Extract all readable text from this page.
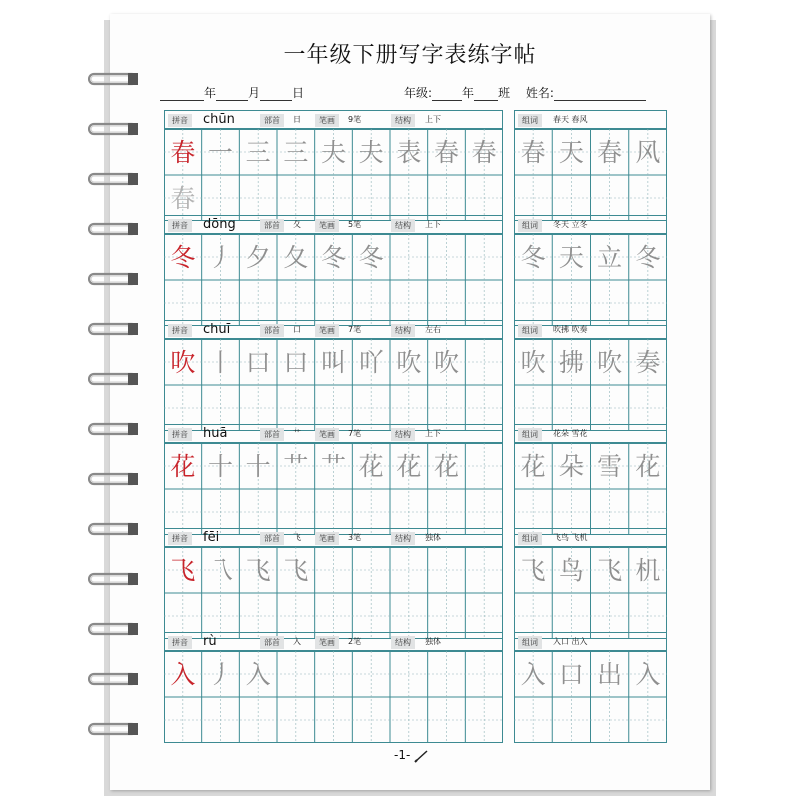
一年级下册写字表练字帖
年	月	日	年级:	年 班 姓名:
拼音	chūn	部首	日	笔画	9笔	结构	上下
春 一 三 三 夫 夫 表 春 春
春
组词	春天 春风
春 天 春 风
拼音	dōng	部首	夂	笔画	5笔	结构	上下
冬 丿 夕 夂 冬 冬
组词	冬天 立冬
冬 天 立 冬
拼音	chuī	部首	口	笔画	7笔	结构	左右
吹 丨 口 口 叫 吖 吹 吹
组词	吹拂 吹奏
吹 拂 吹 奏
拼音	huā	部首	艹	笔画	7笔	结构	上下
花 十 十 艹 艹 花 花 花
组词	花朵 雪花
花 朵 雪 花
拼音	fēi	部首	飞	笔画	3笔	结构	独体
飞 乁 飞 飞
组词	飞鸟 飞机
飞 鸟 飞 机
拼音	rù	部首	入	笔画	2笔	结构	独体
入 丿 入
组词	入口 出入
入 口 出 入
-1-
